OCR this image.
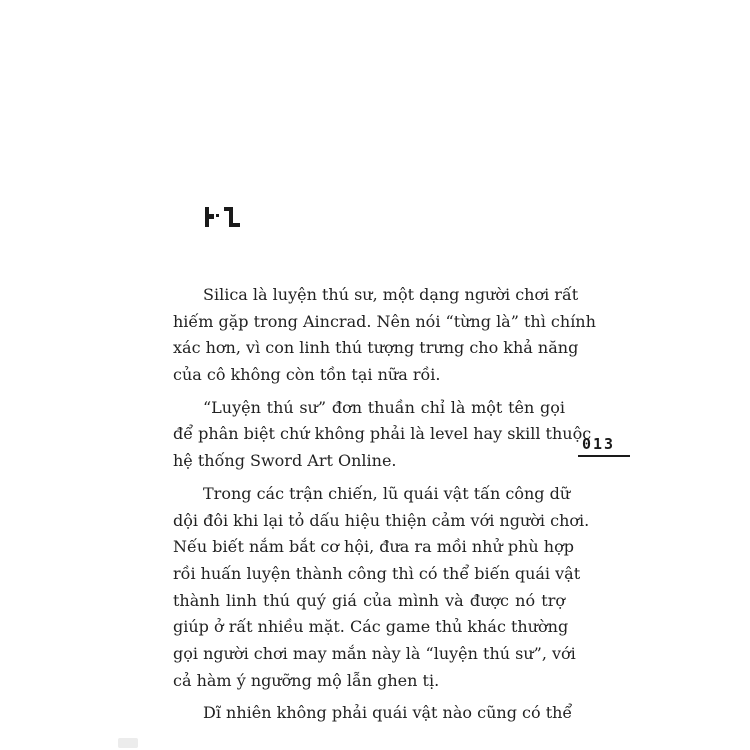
Silica là luyện thú sư, một dạng người chơi rất
hiếm gặp trong Aincrad. Nên nói “từng là” thì chính
xác hơn, vì con linh thú tượng trưng cho khả năng
của cô không còn tồn tại nữa rồi.

“Luyện thú sư” đơn thuần chỉ là một tên gọi
để phân biệt chứ không phải là level hay skill thuộc
hệ thống Sword Art Online.

Trong các trận chiến, lũ quái vật tấn công dữ
dội đôi khi lại tỏ dấu hiệu thiện cảm với người chơi.
Nếu biết nắm bắt cơ hội, đưa ra mồi nhử phù hợp
rồi huấn luyện thành công thì có thể biến quái vật
thành linh thú quý giá của mình và được nó trợ
giúp ở rất nhiều mặt. Các game thủ khác thường
gọi người chơi may mắn này là “luyện thú sư”, với
cả hàm ý ngưỡng mộ lẫn ghen tị.

Dĩ nhiên không phải quái vật nào cũng có thể

013
